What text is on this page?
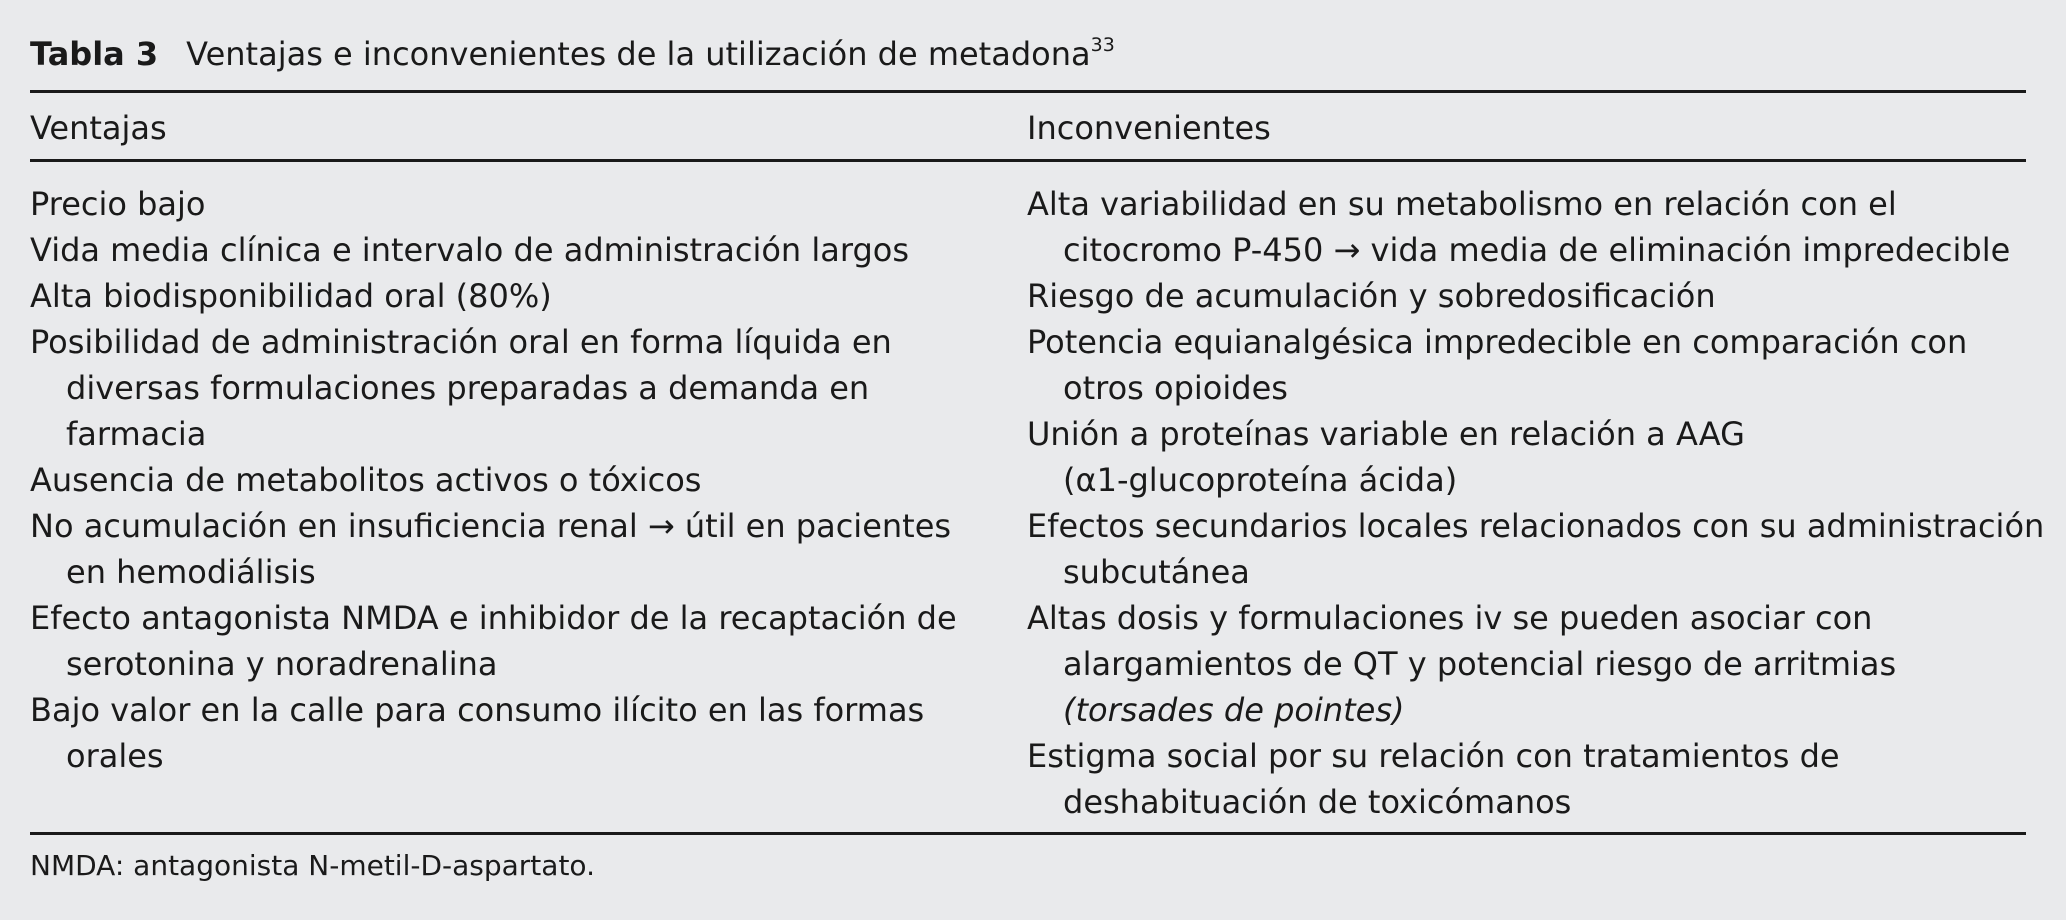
Tabla 3 Ventajas e inconvenientes de la utilización de metadona$^{33}$
Ventajas	Inconvenientes
Precio bajo
Vida media clínica e intervalo de administración largos
Alta biodisponibilidad oral (80%)
Posibilidad de administración oral en forma líquida en
diversas formulaciones preparadas a demanda en
farmacia
Ausencia de metabolitos activos o tóxicos
No acumulación en insuficiencia renal → útil en pacientes
en hemodiálisis
Efecto antagonista NMDA e inhibidor de la recaptación de
serotonina y noradrenalina
Bajo valor en la calle para consumo ilícito en las formas
orales
Alta variabilidad en su metabolismo en relación con el
citocromo P-450 → vida media de eliminación impredecible
Riesgo de acumulación y sobredosificación
Potencia equianalgésica impredecible en comparación con
otros opioides
Unión a proteínas variable en relación a AAG
(α1-glucoproteína ácida)
Efectos secundarios locales relacionados con su administración
subcutánea
Altas dosis y formulaciones iv se pueden asociar con
alargamientos de QT y potencial riesgo de arritmias
(torsades de pointes)
Estigma social por su relación con tratamientos de
deshabituación de toxicómanos
NMDA: antagonista N-metil-D-aspartato.
